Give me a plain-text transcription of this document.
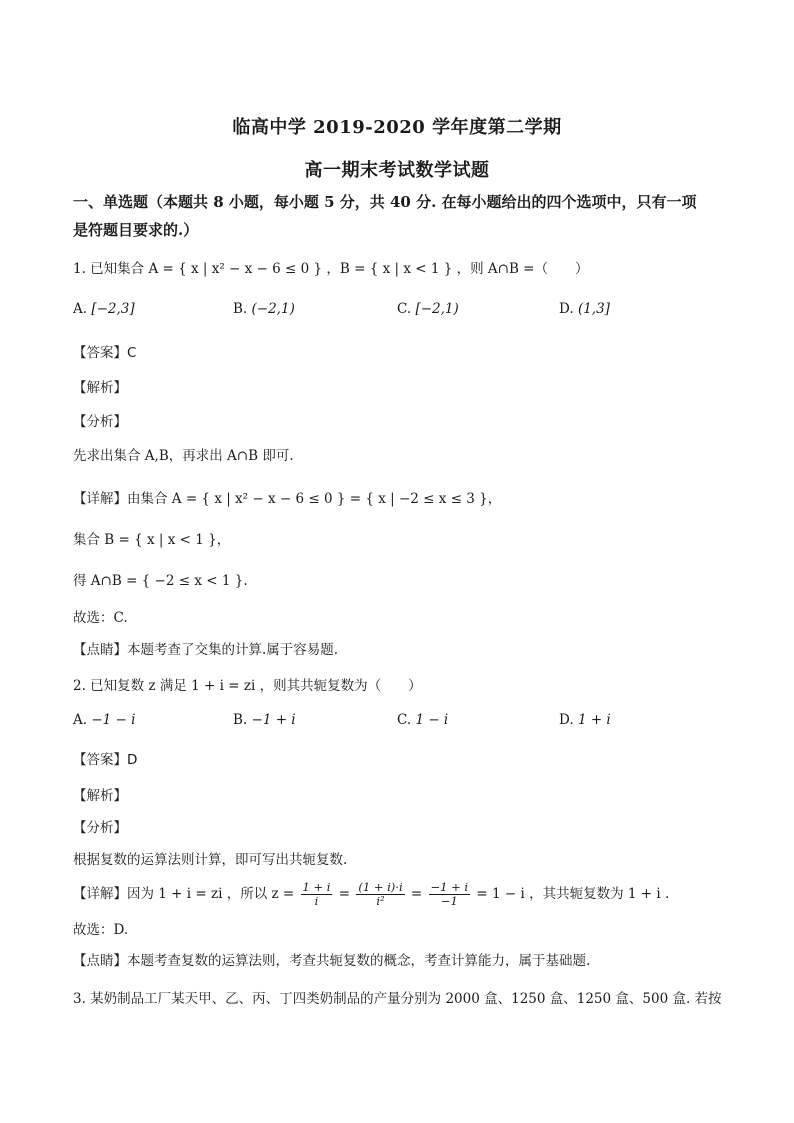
临高中学 2019-2020 学年度第二学期
高一期末考试数学试题
一、单选题（本题共 8 小题，每小题 5 分，共 40 分. 在每小题给出的四个选项中，只有一项
是符题目要求的.）
1. 已知集合 A = { x | x² − x − 6 ≤ 0 } ，B = { x | x < 1 } ，则 A∩B =（　　）
A. [−2,3]	B. (−2,1)	C. [−2,1)	D. (1,3]
【答案】C
【解析】
【分析】
先求出集合 A,B，再求出 A∩B 即可.
【详解】由集合 A = { x | x² − x − 6 ≤ 0 } = { x | −2 ≤ x ≤ 3 }，
集合 B = { x | x < 1 }，
得 A∩B = { −2 ≤ x < 1 }.
故选：C.
【点睛】本题考查了交集的计算.属于容易题.
2. 已知复数 z 满足 1 + i = zi ，则其共轭复数为（　　）
A. −1 − i	B. −1 + i	C. 1 − i	D. 1 + i
【答案】D
【解析】
【分析】
根据复数的运算法则计算，即可写出共轭复数.
【详解】因为 1 + i = zi ，所以 $z = \frac{1 + i}{i} = \frac{(1 + i)\cdot i}{\text{i²}} = \frac{-1 + i}{-1} = 1 - i$ ，其共轭复数为 1 + i .
故选：D.
【点睛】本题考查复数的运算法则，考查共轭复数的概念，考查计算能力，属于基础题.
3. 某奶制品工厂某天甲、乙、丙、丁四类奶制品的产量分别为 2000 盒、1250 盒、1250 盒、500 盒. 若按
